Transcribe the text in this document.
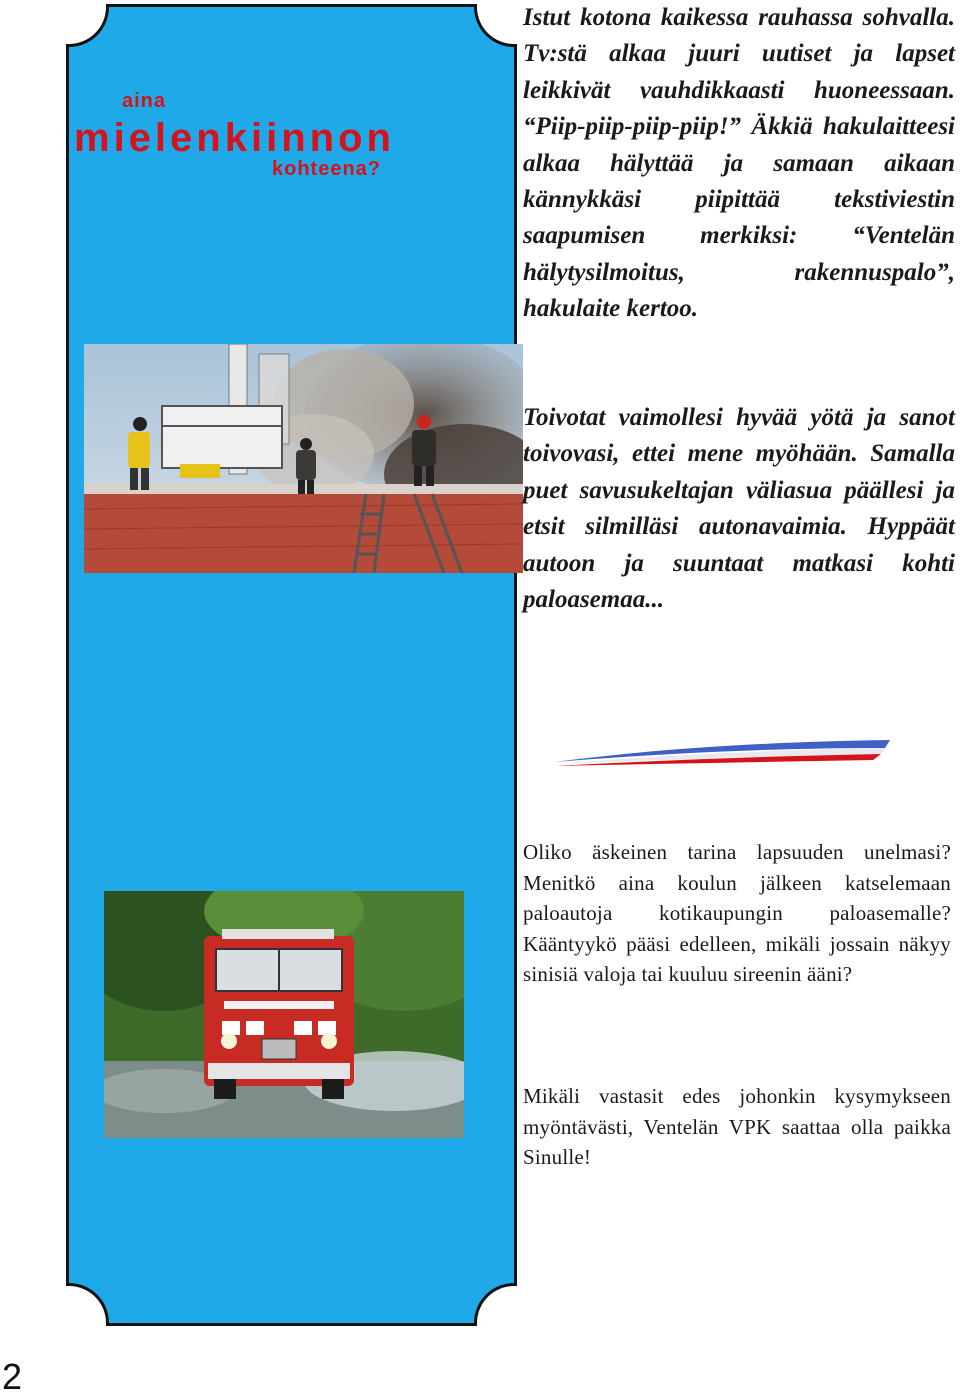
aina
mielenkiinnon
kohteena?

Istut kotona kaikessa rauhassa sohvalla. Tv:stä alkaa juuri uutiset ja lapset leikkivät vauhdikkaasti huoneessaan. “Piip-piip-piip-piip!” Äkkiä hakulaitteesi alkaa hälyttää ja samaan aikaan kännykkäsi piipittää tekstiviestin saapumisen merkiksi: “Ventelän hälytysilmoitus, rakennuspalo”, hakulaite kertoo.

Toivotat vaimollesi hyvää yötä ja sanot toivovasi, ettei mene myöhään. Samalla puet savusukeltajan väliasua päällesi ja etsit silmilläsi autonavaimia. Hyppäät autoon ja suuntaat matkasi kohti paloasemaa...

Oliko äskeinen tarina lapsuuden unelmasi? Menitkö aina koulun jälkeen katselemaan paloautoja kotikaupungin paloasemalle? Kääntyykö pääsi edelleen, mikäli jossain näkyy sinisiä valoja tai kuuluu sireenin ääni?

Mikäli vastasit edes johonkin kysymykseen myöntävästi, Ventelän VPK saattaa olla paikka Sinulle!

2
